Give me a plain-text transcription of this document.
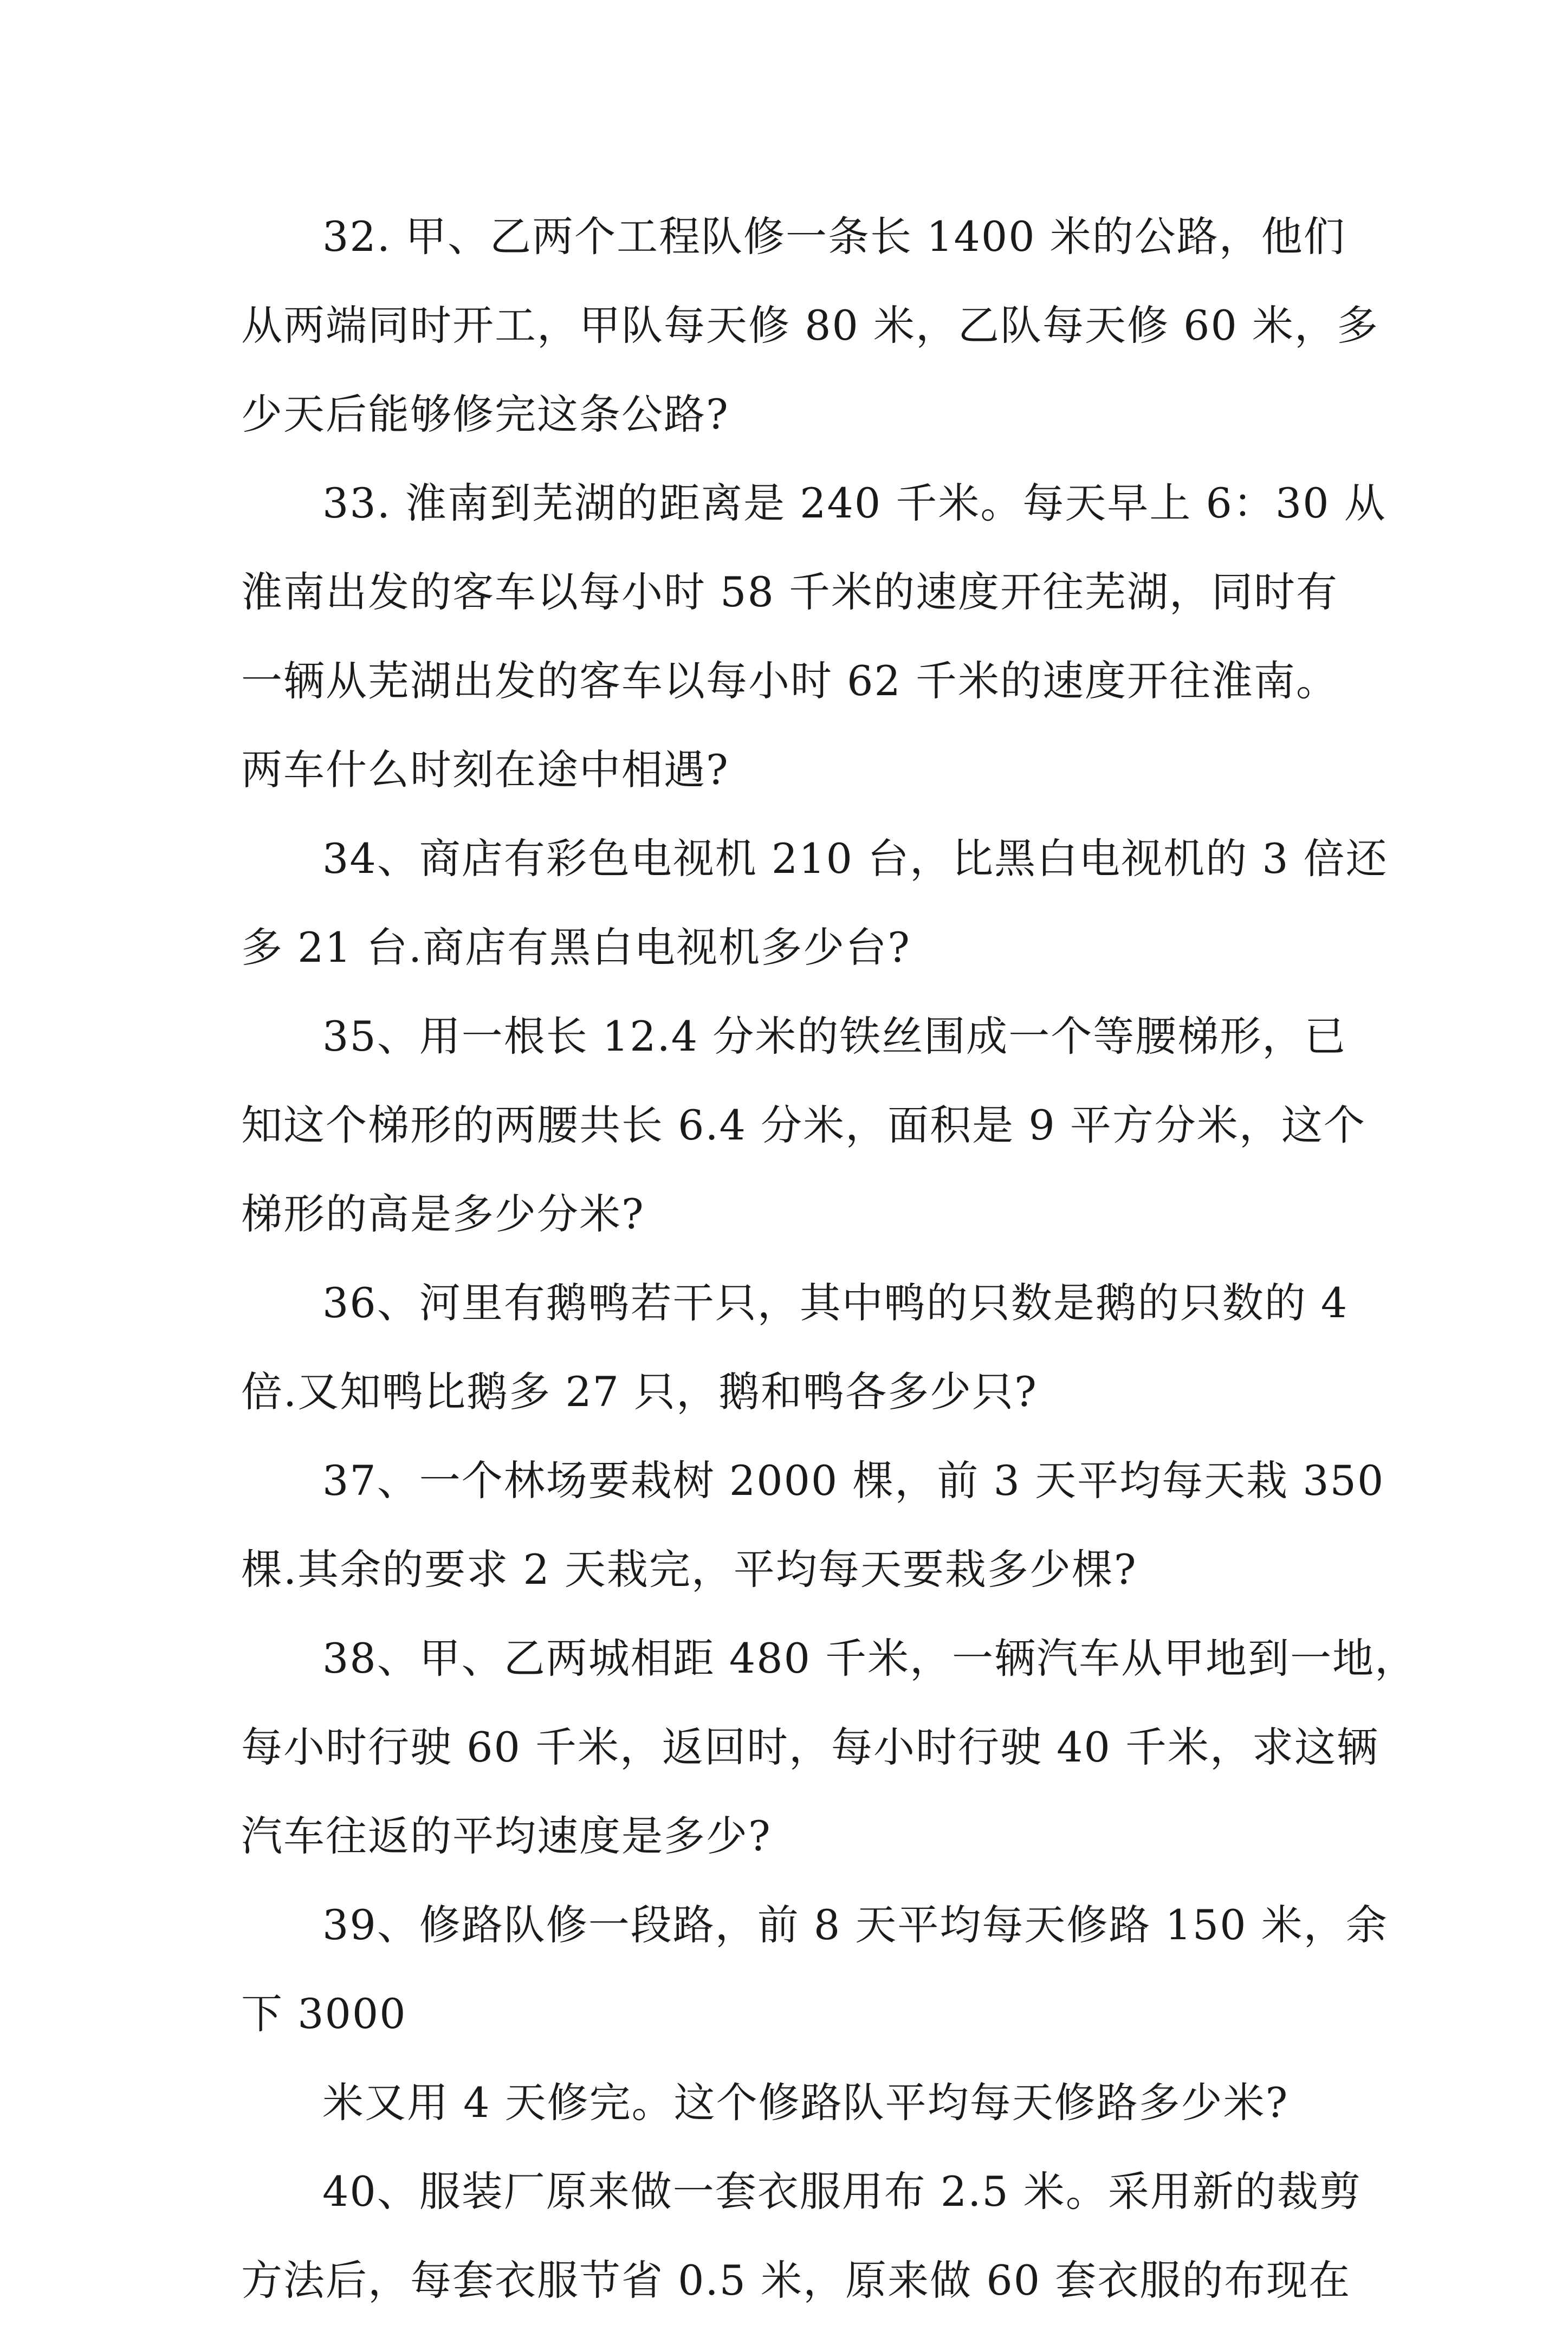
32. 甲、乙两个工程队修一条长 1400 米的公路，他们
从两端同时开工，甲队每天修 80 米，乙队每天修 60 米，多
少天后能够修完这条公路?
33. 淮南到芜湖的距离是 240 千米。每天早上 6：30 从
淮南出发的客车以每小时 58 千米的速度开往芜湖，同时有
一辆从芜湖出发的客车以每小时 62 千米的速度开往淮南。
两车什么时刻在途中相遇?
34、商店有彩色电视机 210 台，比黑白电视机的 3 倍还
多 21 台.商店有黑白电视机多少台?
35、用一根长 12.4 分米的铁丝围成一个等腰梯形，已
知这个梯形的两腰共长 6.4 分米，面积是 9 平方分米，这个
梯形的高是多少分米?
36、河里有鹅鸭若干只，其中鸭的只数是鹅的只数的 4
倍.又知鸭比鹅多 27 只，鹅和鸭各多少只?
37、一个林场要栽树 2000 棵，前 3 天平均每天栽 350
棵.其余的要求 2 天栽完，平均每天要栽多少棵?
38、甲、乙两城相距 480 千米，一辆汽车从甲地到一地，
每小时行驶 60 千米，返回时，每小时行驶 40 千米，求这辆
汽车往返的平均速度是多少?
39、修路队修一段路，前 8 天平均每天修路 150 米，余
下 3000
米又用 4 天修完。这个修路队平均每天修路多少米?
40、服装厂原来做一套衣服用布 2.5 米。采用新的裁剪
方法后，每套衣服节省 0.5 米，原来做 60 套衣服的布现在
